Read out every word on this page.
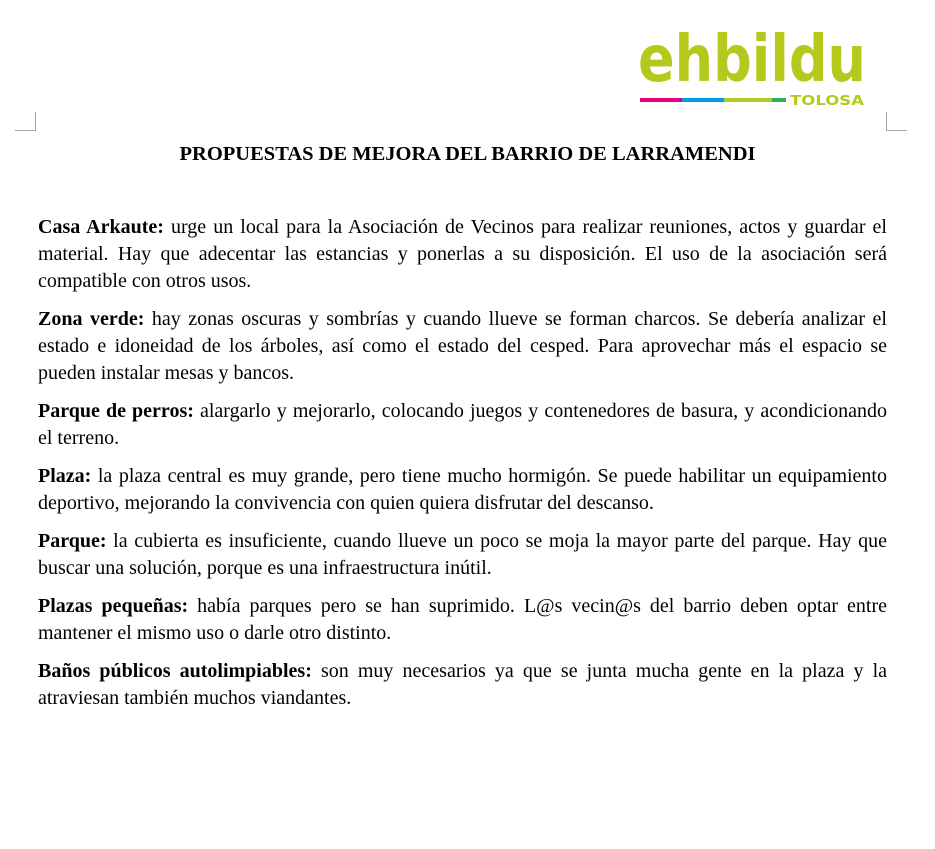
ehbildu
TOLOSA
PROPUESTAS DE MEJORA DEL BARRIO DE LARRAMENDI

Casa Arkaute: urge un local para la Asociación de Vecinos para realizar reuniones, actos y guardar el material. Hay que adecentar las estancias y ponerlas a su disposición. El uso de la asociación será compatible con otros usos.

Zona verde: hay zonas oscuras y sombrías y cuando llueve se forman charcos. Se debería analizar el estado e idoneidad de los árboles, así como el estado del cesped. Para aprovechar más el espacio se pueden instalar mesas y bancos.

Parque de perros: alargarlo y mejorarlo, colocando juegos y contenedores de basura, y acondicionando el terreno.

Plaza: la plaza central es muy grande, pero tiene mucho hormigón. Se puede habilitar un equipamiento deportivo, mejorando la convivencia con quien quiera disfrutar del descanso.

Parque: la cubierta es insuficiente, cuando llueve un poco se moja la mayor parte del parque. Hay que buscar una solución, porque es una infraestructura inútil.

Plazas pequeñas: había parques pero se han suprimido. L@s vecin@s del barrio deben optar entre mantener el mismo uso o darle otro distinto.

Baños públicos autolimpiables: son muy necesarios ya que se junta mucha gente en la plaza y la atraviesan también muchos viandantes.
